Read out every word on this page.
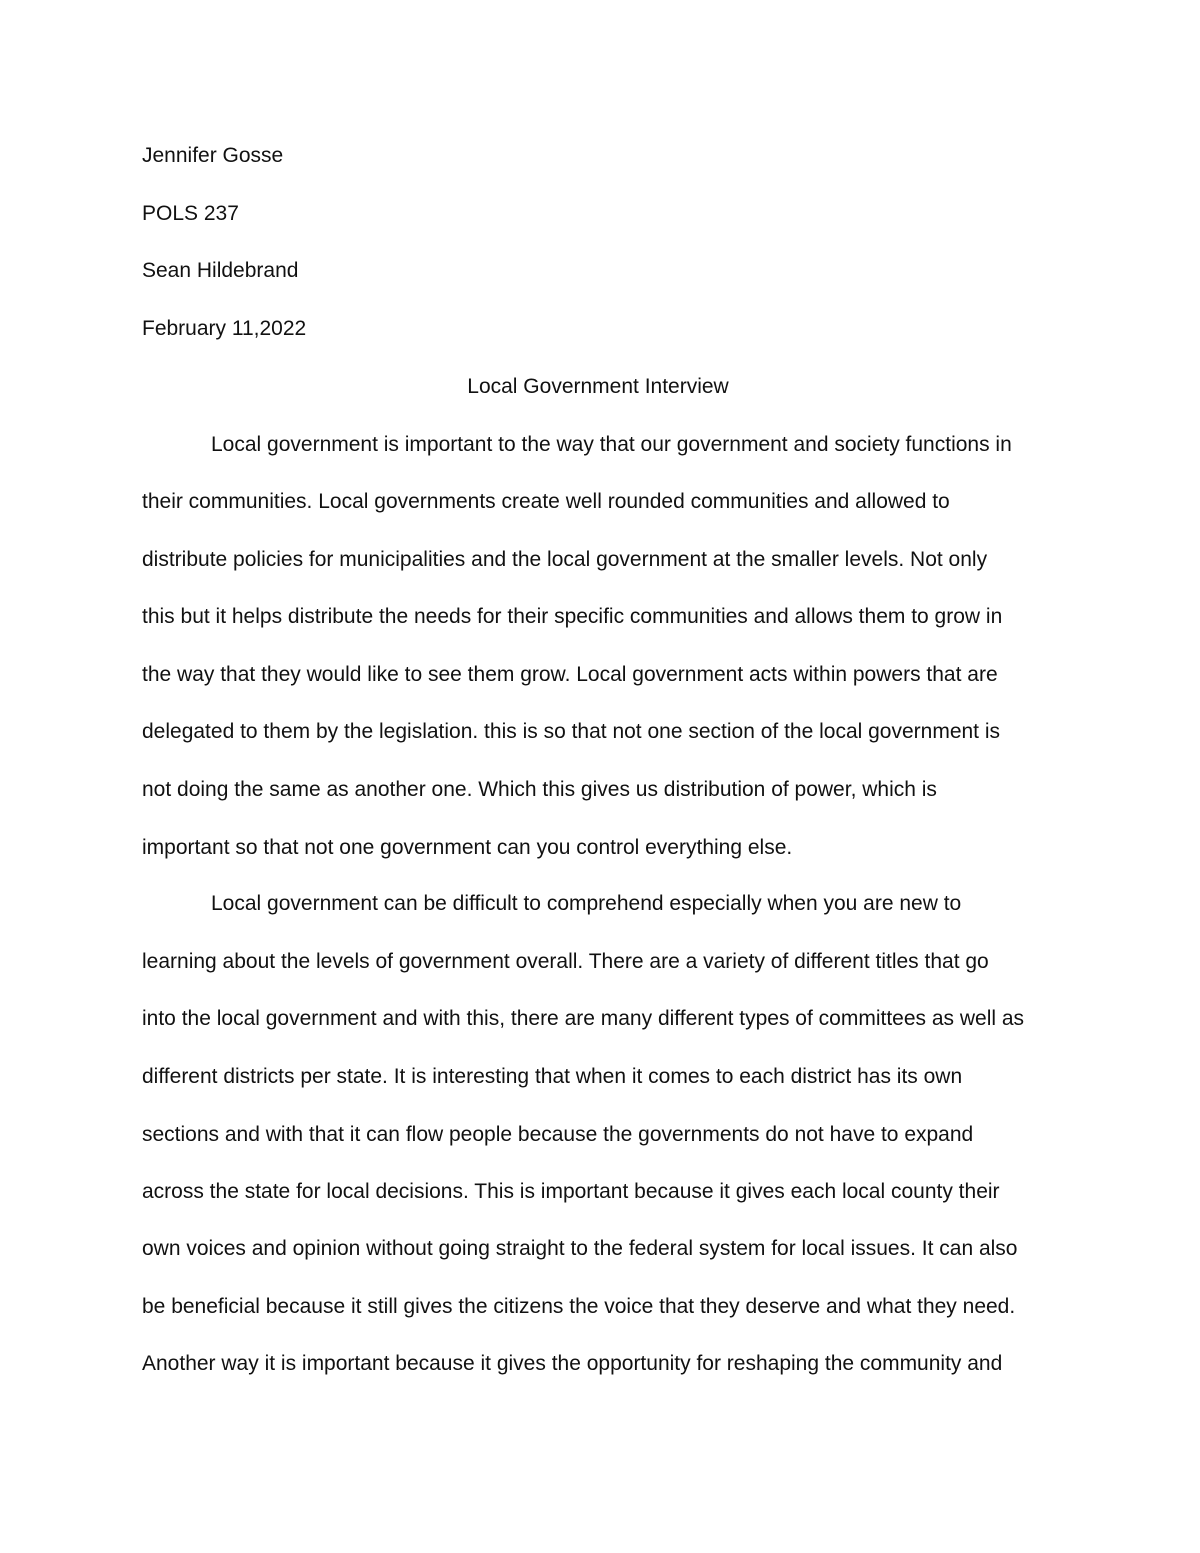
Jennifer Gosse
POLS 237
Sean Hildebrand
February 11,2022
Local Government Interview
Local government is important to the way that our government and society functions in
their communities. Local governments create well rounded communities and allowed to
distribute policies for municipalities and the local government at the smaller levels. Not only
this but it helps distribute the needs for their specific communities and allows them to grow in
the way that they would like to see them grow. Local government acts within powers that are
delegated to them by the legislation. this is so that not one section of the local government is
not doing the same as another one. Which this gives us distribution of power, which is
important so that not one government can you control everything else.
Local government can be difficult to comprehend especially when you are new to
learning about the levels of government overall. There are a variety of different titles that go
into the local government and with this, there are many different types of committees as well as
different districts per state. It is interesting that when it comes to each district has its own
sections and with that it can flow people because the governments do not have to expand
across the state for local decisions. This is important because it gives each local county their
own voices and opinion without going straight to the federal system for local issues. It can also
be beneficial because it still gives the citizens the voice that they deserve and what they need.
Another way it is important because it gives the opportunity for reshaping the community and
